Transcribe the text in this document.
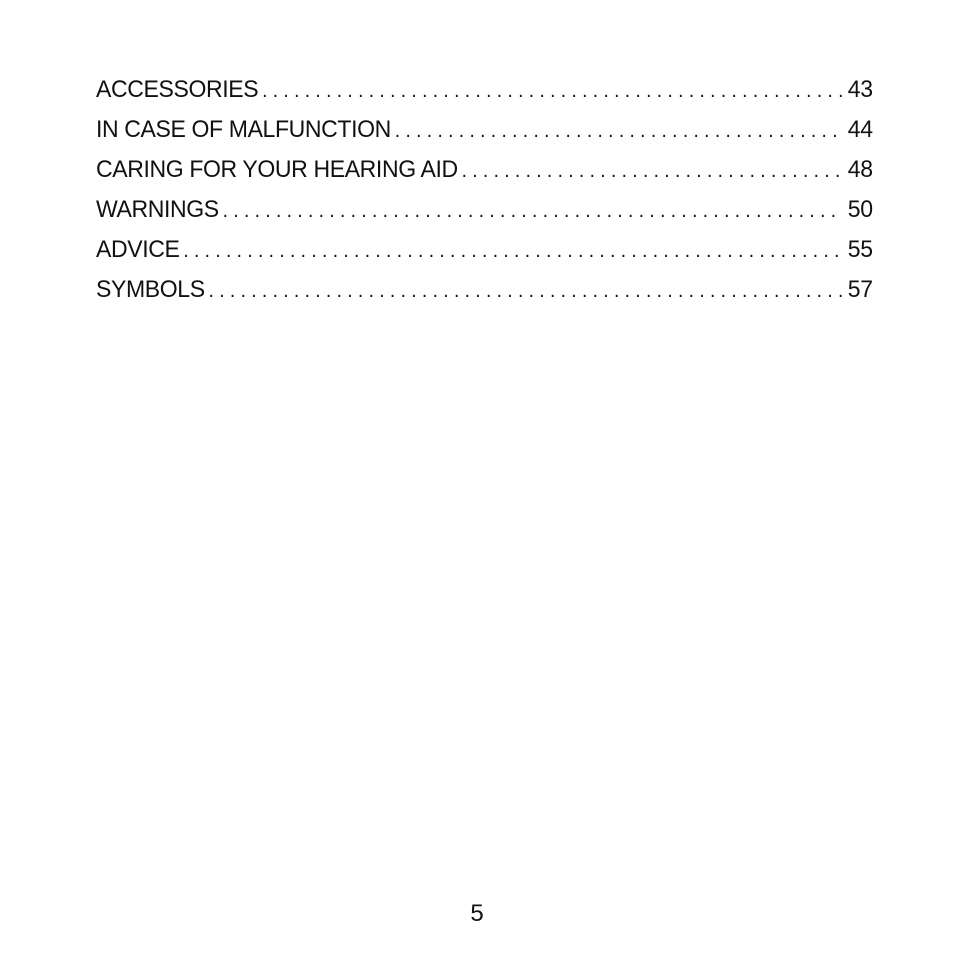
ACCESSORIES . . .	43
IN CASE OF MALFUNCTION . . .	44
CARING FOR YOUR HEARING AID . . .	48
WARNINGS . . .	50
ADVICE . . .	55
SYMBOLS . . .	57
5
